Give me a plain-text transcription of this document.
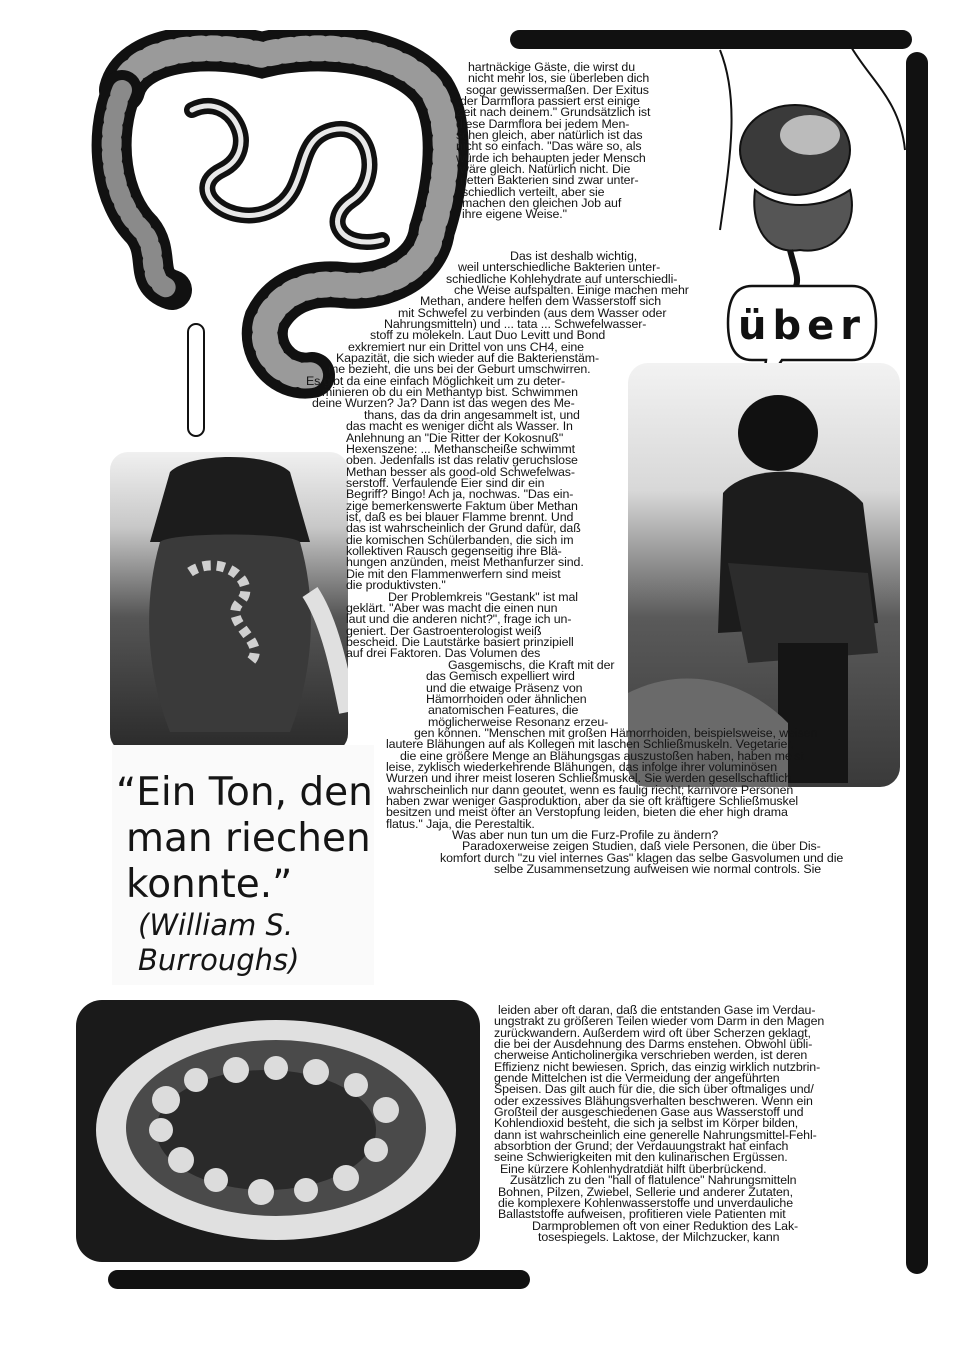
über
“Ein Ton, den
man riechen
konnte.”
(William S.
Burroughs)
hartnäckige Gäste, die wirst du
nicht mehr los, sie überleben dich
sogar gewissermaßen. Der Exitus
der Darmflora passiert erst einige
Zeit nach deinem." Grundsätzlich ist
diese Darmflora bei jedem Men-
schen gleich, aber natürlich ist das
nicht so einfach. "Das wäre so, als
würde ich behaupten jeder Mensch
wäre gleich. Natürlich nicht. Die
netten Bakterien sind zwar unter-
schiedlich verteilt, aber sie
machen den gleichen Job auf
ihre eigene Weise."
Das ist deshalb wichtig,
weil unterschiedliche Bakterien unter-
schiedliche Kohlehydrate auf unterschiedli-
che Weise aufspalten. Einige machen mehr
Methan, andere helfen dem Wasserstoff sich
mit Schwefel zu verbinden (aus dem Wasser oder
Nahrungsmitteln) und ... tata ... Schwefelwasser-
stoff zu molekeln. Laut Duo Levitt und Bond
exkremiert nur ein Drittel von uns CH4, eine
Kapazität, die sich wieder auf die Bakterienstäm-
me bezieht, die uns bei der Geburt umschwirren.
Es gibt da eine einfach Möglichkeit um zu deter-
minieren ob du ein Methantyp bist. Schwimmen
deine Wurzen? Ja? Dann ist das wegen des Me-
thans, das da drin angesammelt ist, und
das macht es weniger dicht als Wasser. In
Anlehnung an "Die Ritter der Kokosnuß"
Hexenszene: ... Methanscheiße schwimmt
oben. Jedenfalls ist das relativ geruchslose
Methan besser als good-old Schwefelwas-
serstoff. Verfaulende Eier sind dir ein
Begriff? Bingo! Ach ja, nochwas. "Das ein-
zige bemerkenswerte Faktum über Methan
ist, daß es bei blauer Flamme brennt. Und
das ist wahrscheinlich der Grund dafür, daß
die komischen Schülerbanden, die sich im
kollektiven Rausch gegenseitig ihre Blä-
hungen anzünden, meist Methanfurzer sind.
Die mit den Flammenwerfern sind meist
die produktivsten."
Der Problemkreis "Gestank" ist mal
geklärt. "Aber was macht die einen nun
laut und die anderen nicht?", frage ich un-
geniert. Der Gastroenterologist weiß
bescheid. Die Lautstärke basiert prinzipiell
auf drei Faktoren. Das Volumen des
Gasgemischs, die Kraft mit der
das Gemisch expelliert wird
und die etwaige Präsenz von
Hämorrhoiden oder ähnlichen
anatomischen Features, die
möglicherweise Resonanz erzeu-
gen können. "Menschen mit großen Hämorrhoiden, beispielsweise, weisen
lautere Blähungen auf als Kollegen mit laschen Schließmuskeln. Vegetarier,
die eine größere Menge an Blähungsgas auszustoßen haben, haben meist
leise, zyklisch wiederkehrende Blähungen, das infolge ihrer voluminösen
Wurzen und ihrer meist loseren Schließmuskel. Sie werden gesellschaftlich
wahrscheinlich nur dann geoutet, wenn es faulig riecht; karnivore Personen
haben zwar weniger Gasproduktion, aber da sie oft kräftigere Schließmuskel
besitzen und meist öfter an Verstopfung leiden, bieten die eher high drama
flatus." Jaja, die Perestaltik.
Was aber nun tun um die Furz-Profile zu ändern?
Paradoxerweise zeigen Studien, daß viele Personen, die über Dis-
komfort durch "zu viel internes Gas" klagen das selbe Gasvolumen und die
selbe Zusammensetzung aufweisen wie normal controls. Sie
leiden aber oft daran, daß die entstanden Gase im Verdau-
ungstrakt zu größeren Teilen wieder vom Darm in den Magen
zurückwandern. Außerdem wird oft über Scherzen geklagt,
die bei der Ausdehnung des Darms enstehen. Obwohl übli-
cherweise Anticholinergika verschrieben werden, ist deren
Effizienz nicht bewiesen. Sprich, das einzig wirklich nutzbrin-
gende Mittelchen ist die Vermeidung der angeführten
Speisen. Das gilt auch für die, die sich über oftmaliges und/
oder exzessives Blähungsverhalten beschweren. Wenn ein
Großteil der ausgeschiedenen Gase aus Wasserstoff und
Kohlendioxid besteht, die sich ja selbst im Körper bilden,
dann ist wahrscheinlich eine generelle Nahrungsmittel-Fehl-
absorbtion der Grund; der Verdauungstrakt hat einfach
seine Schwierigkeiten mit den kulinarischen Ergüssen.
Eine kürzere Kohlenhydratdiät hilft überbrückend.
Zusätzlich zu den "hall of flatulence" Nahrungsmitteln
Bohnen, Pilzen, Zwiebel, Sellerie und anderer Zutaten,
die komplexere Kohlenwasserstoffe und unverdauliche
Ballaststoffe aufweisen, profitieren viele Patienten mit
Darmproblemen oft von einer Reduktion des Lak-
tosespiegels. Laktose, der Milchzucker, kann
